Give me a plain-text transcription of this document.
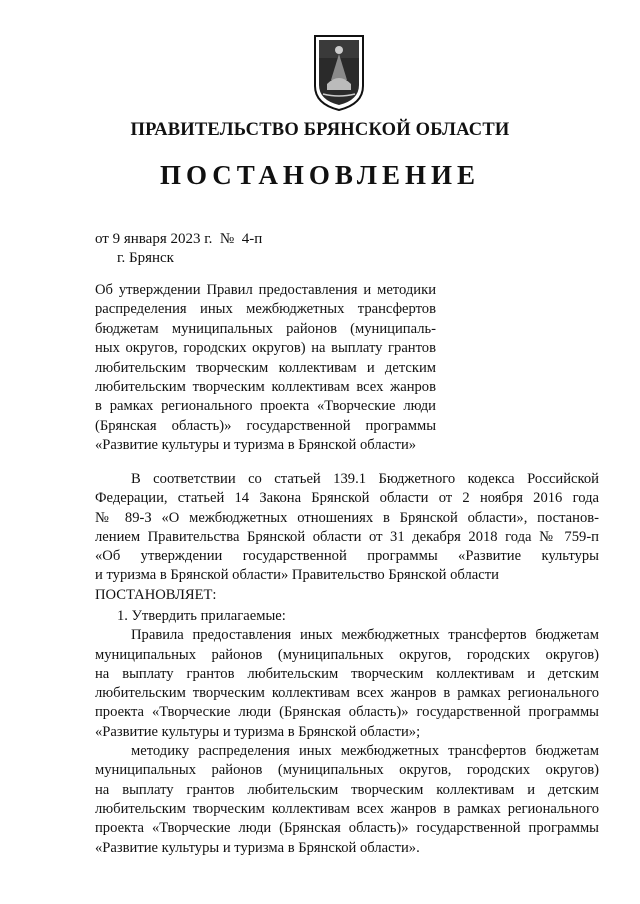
ПРАВИТЕЛЬСТВО БРЯНСКОЙ ОБЛАСТИ
ПОСТАНОВЛЕНИЕ
от 9 января 2023 г.  №  4-п
г. Брянск
Об утверждении Правил предоставления и методики
распределения иных межбюджетных трансфертов
бюджетам муниципальных районов (муниципаль-
ных округов, городских округов) на выплату грантов
любительским творческим коллективам и детским
любительским творческим коллективам всех жанров
в рамках регионального проекта «Творческие люди
(Брянская область)» государственной программы
«Развитие культуры и туризма в Брянской области»
В соответствии со статьей 139.1 Бюджетного кодекса Российской
Федерации, статьей 14 Закона Брянской области от 2 ноября 2016 года
№ 89-З «О межбюджетных отношениях в Брянской области», постанов-
лением Правительства Брянской области от 31 декабря 2018 года № 759-п
«Об утверждении государственной программы «Развитие культуры
и туризма в Брянской области» Правительство Брянской области
ПОСТАНОВЛЯЕТ:
1. Утвердить прилагаемые:
Правила предоставления иных межбюджетных трансфертов бюджетам
муниципальных районов (муниципальных округов, городских округов)
на выплату грантов любительским творческим коллективам и детским
любительским творческим коллективам всех жанров в рамках регионального
проекта «Творческие люди (Брянская область)» государственной программы
«Развитие культуры и туризма в Брянской области»;
методику распределения иных межбюджетных трансфертов бюджетам
муниципальных районов (муниципальных округов, городских округов)
на выплату грантов любительским творческим коллективам и детским
любительским творческим коллективам всех жанров в рамках регионального
проекта «Творческие люди (Брянская область)» государственной программы
«Развитие культуры и туризма в Брянской области».
